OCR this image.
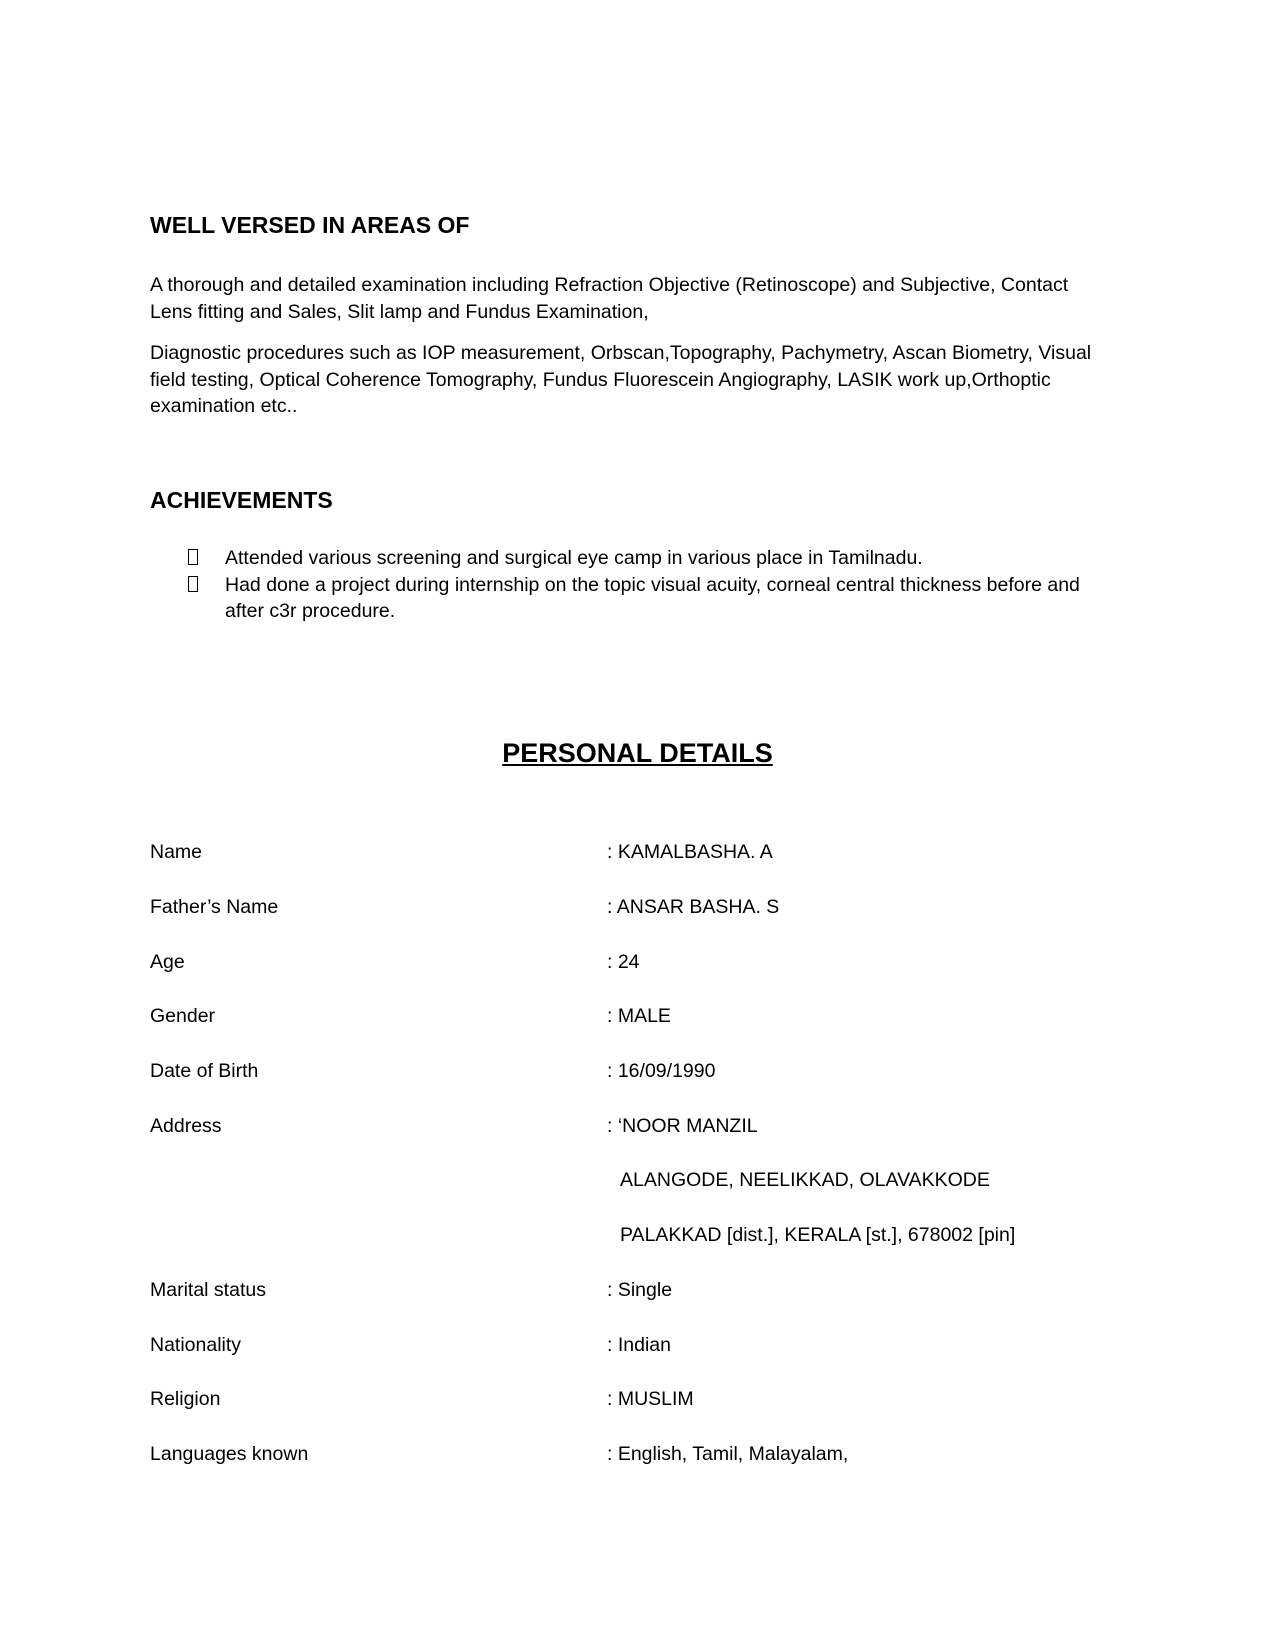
WELL VERSED IN AREAS OF

A thorough and detailed examination including Refraction Objective (Retinoscope) and Subjective, Contact Lens fitting and Sales, Slit lamp and Fundus Examination,

Diagnostic procedures such as IOP measurement, Orbscan,Topography, Pachymetry, Ascan Biometry, Visual field testing, Optical Coherence Tomography, Fundus Fluorescein Angiography, LASIK work up,Orthoptic examination etc..

ACHIEVEMENTS
Attended various screening and surgical eye camp in various place in Tamilnadu.
Had done a project during internship on the topic visual acuity, corneal central thickness before and after c3r procedure.
PERSONAL DETAILS
Name	: KAMALBASHA. A
Father’s Name	: ANSAR BASHA. S
Age	: 24
Gender	: MALE
Date of Birth	: 16/09/1990
Address	: ‘NOOR MANZIL
ALANGODE, NEELIKKAD, OLAVAKKODE
PALAKKAD [dist.], KERALA [st.], 678002 [pin]
Marital status	: Single
Nationality	: Indian
Religion	: MUSLIM
Languages known	: English, Tamil, Malayalam,
